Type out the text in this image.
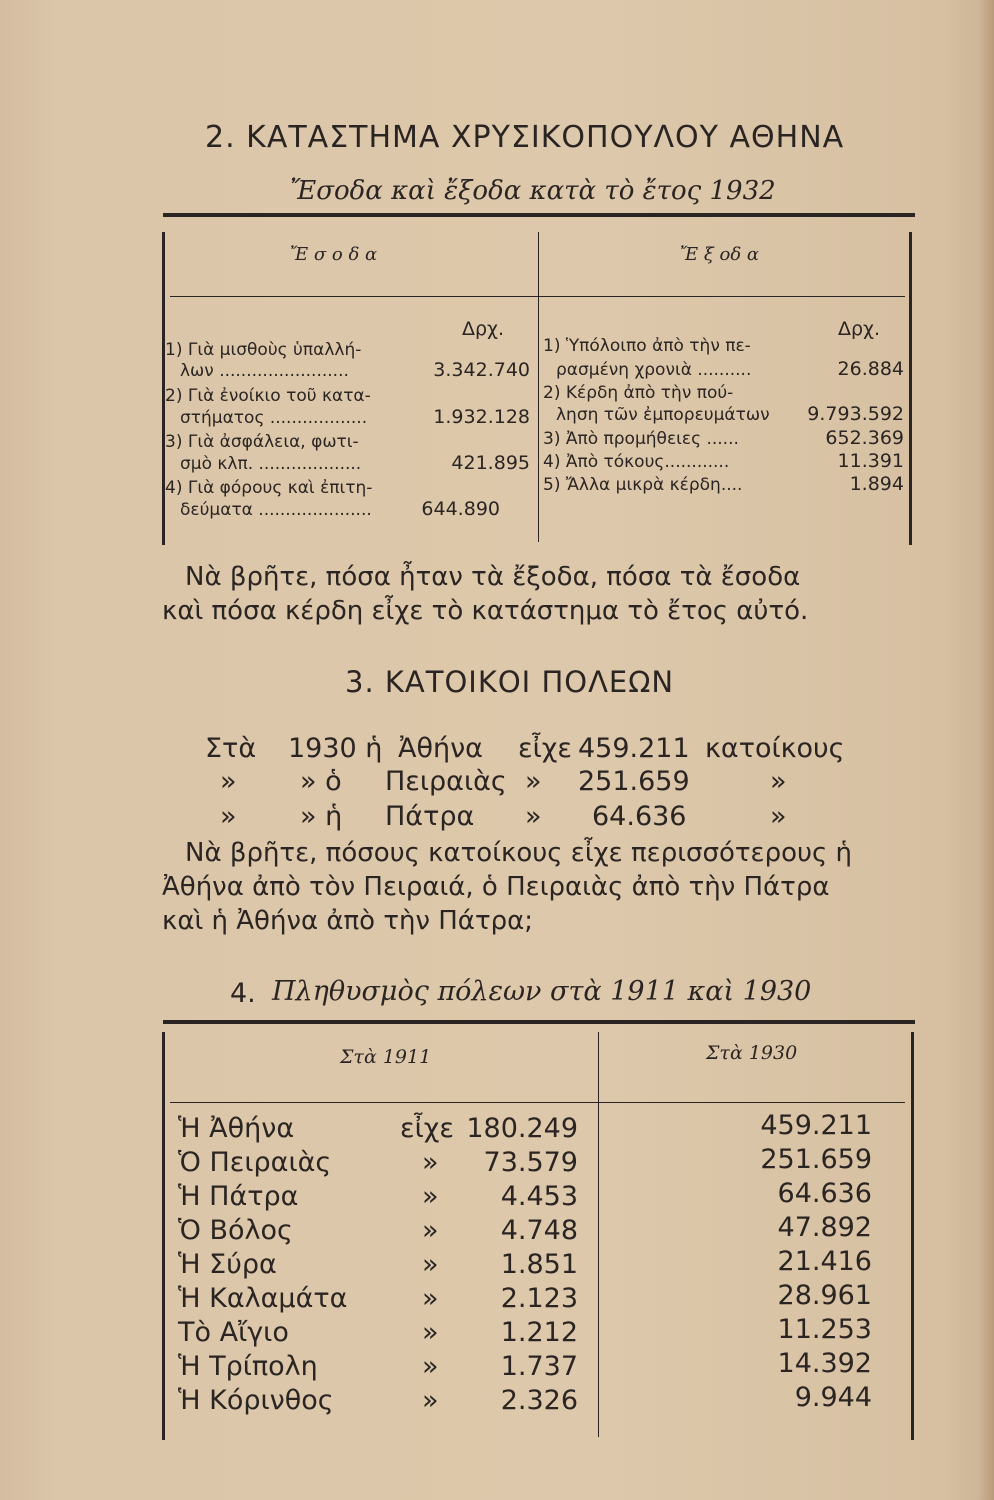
2. ΚΑΤΑΣΤΗΜΑ ΧΡΥΣΙΚΟΠΟΥΛΟΥ ΑΘΗΝΑ
Ἔσοδα καὶ ἔξοδα κατὰ τὸ ἔτος 1932
Ἔ σ ο δ α	Ἔ ξ οδ α
Δρχ.	Δρχ.
1) Γιὰ μισθοὺς ὑπαλλή-
λων ........................	3.342.740
2) Γιὰ ἐνοίκιο τοῦ κατα-
στήματος ..................	1.932.128
3) Γιὰ ἀσφάλεια, φωτι-
σμὸ κλπ. ...................	421.895
4) Γιὰ φόρους καὶ ἐπιτη-
δεύματα .....................	644.890
1) Ὑπόλοιπο ἀπὸ τὴν πε-
ρασμένη χρονιὰ ..........	26.884
2) Κέρδη ἀπὸ τὴν πού-
ληση τῶν ἐμπορευμάτων	9.793.592
3) Ἀπὸ προμήθειες ......	652.369
4) Ἀπὸ τόκους............	11.391
5) Ἄλλα μικρὰ κέρδη....	1.894
Νὰ βρῆτε, πόσα ἦταν τὰ ἔξοδα, πόσα τὰ ἔσοδα
καὶ πόσα κέρδη εἶχε τὸ κατάστημα τὸ ἔτος αὐτό.
3. ΚΑΤΟΙΚΟΙ ΠΟΛΕΩΝ
Στὰ 1930 ἡ Ἀθήνα εἶχε 459.211 κατοίκους
» » ὁ Πειραιὰς » 251.659	»
» » ἡ Πάτρα » 64.636	»
Νὰ βρῆτε, πόσους κατοίκους εἶχε περισσότερους ἡ
Ἀθήνα ἀπὸ τὸν Πειραιά, ὁ Πειραιὰς ἀπὸ τὴν Πάτρα
καὶ ἡ Ἀθήνα ἀπὸ τὴν Πάτρα;
4. Πληθυσμὸς πόλεων στὰ 1911 καὶ 1930
Στὰ 1911	Στὰ 1930
Ἡ Ἀθήνα	εἶχε 180.249	459.211
Ὁ Πειραιὰς	»	73.579	251.659
Ἡ Πάτρα	»	4.453	64.636
Ὁ Βόλος	»	4.748	47.892
Ἡ Σύρα	»	1.851	21.416
Ἡ Καλαμάτα	»	2.123	28.961
Τὸ Αἴγιο	»	1.212	11.253
Ἡ Τρίπολη	»	1.737	14.392
Ἡ Κόρινθος	»	2.326	9.944
